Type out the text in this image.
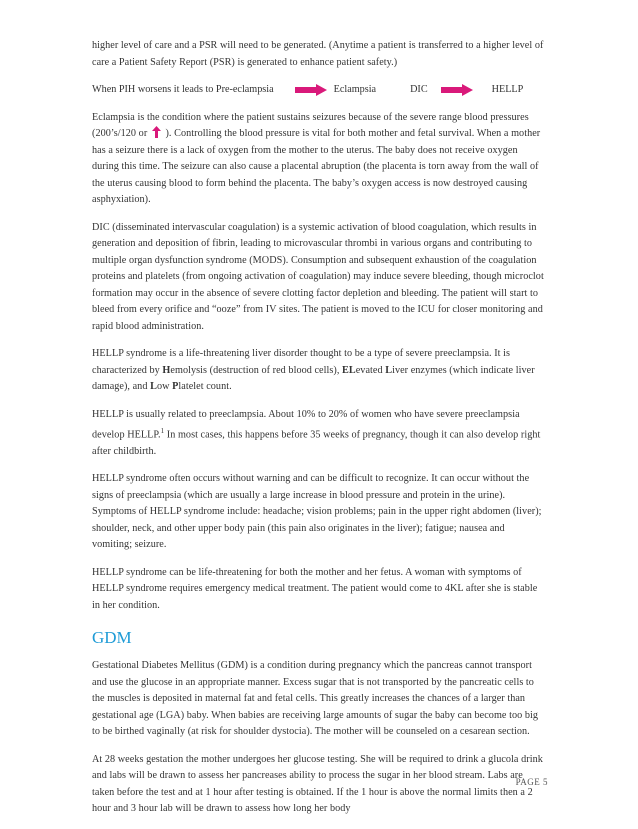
higher level of care and a PSR will need to be generated. (Anytime a patient is transferred to a higher level of care a Patient Safety Report (PSR) is generated to enhance patient safety.)

When PIH worsens it leads to Pre-eclampsia	Eclampsia	DIC	HELLP

Eclampsia is the condition where the patient sustains seizures because of the severe range blood pressures (200’s/120 or  ). Controlling the blood pressure is vital for both mother and fetal survival. When a mother has a seizure there is a lack of oxygen from the mother to the uterus. The baby does not receive oxygen during this time. The seizure can also cause a placental abruption (the placenta is torn away from the wall of the uterus causing blood to form behind the placenta. The baby’s oxygen access is now destroyed causing asphyxiation).

DIC (disseminated intervascular coagulation) is a systemic activation of blood coagulation, which results in generation and deposition of fibrin, leading to microvascular thrombi in various organs and contributing to multiple organ dysfunction syndrome (MODS). Consumption and subsequent exhaustion of the coagulation proteins and platelets (from ongoing activation of coagulation) may induce severe bleeding, though microclot formation may occur in the absence of severe clotting factor depletion and bleeding. The patient will start to bleed from every orifice and “ooze” from IV sites. The patient is moved to the ICU for closer monitoring and rapid blood administration.

HELLP syndrome is a life-threatening liver disorder thought to be a type of severe preeclampsia. It is characterized by Hemolysis (destruction of red blood cells), ELevated Liver enzymes (which indicate liver damage), and Low Platelet count.

HELLP is usually related to preeclampsia. About 10% to 20% of women who have severe preeclampsia develop HELLP.$^1$ In most cases, this happens before 35 weeks of pregnancy, though it can also develop right after childbirth.

HELLP syndrome often occurs without warning and can be difficult to recognize. It can occur without the signs of preeclampsia (which are usually a large increase in blood pressure and protein in the urine). Symptoms of HELLP syndrome include: headache; vision problems; pain in the upper right abdomen (liver); shoulder, neck, and other upper body pain (this pain also originates in the liver); fatigue; nausea and vomiting; seizure.

HELLP syndrome can be life-threatening for both the mother and her fetus. A woman with symptoms of HELLP syndrome requires emergency medical treatment. The patient would come to 4KL after she is stable in her condition.

GDM

Gestational Diabetes Mellitus (GDM) is a condition during pregnancy which the pancreas cannot transport and use the glucose in an appropriate manner. Excess sugar that is not transported by the pancreatic cells to the muscles is deposited in maternal fat and fetal cells. This greatly increases the chances of a larger than gestational age (LGA) baby. When babies are receiving large amounts of sugar the baby can become too big to be birthed vaginally (at risk for shoulder dystocia). The mother will be counseled on a cesarean section.

At 28 weeks gestation the mother undergoes her glucose testing. She will be required to drink a glucola drink and labs will be drawn to assess her pancreases ability to process the sugar in her blood stream. Labs are taken before the test and at 1 hour after testing is obtained. If the 1 hour is above the normal limits then a 2 hour and 3 hour lab will be drawn to assess how long her body

PAGE 5
